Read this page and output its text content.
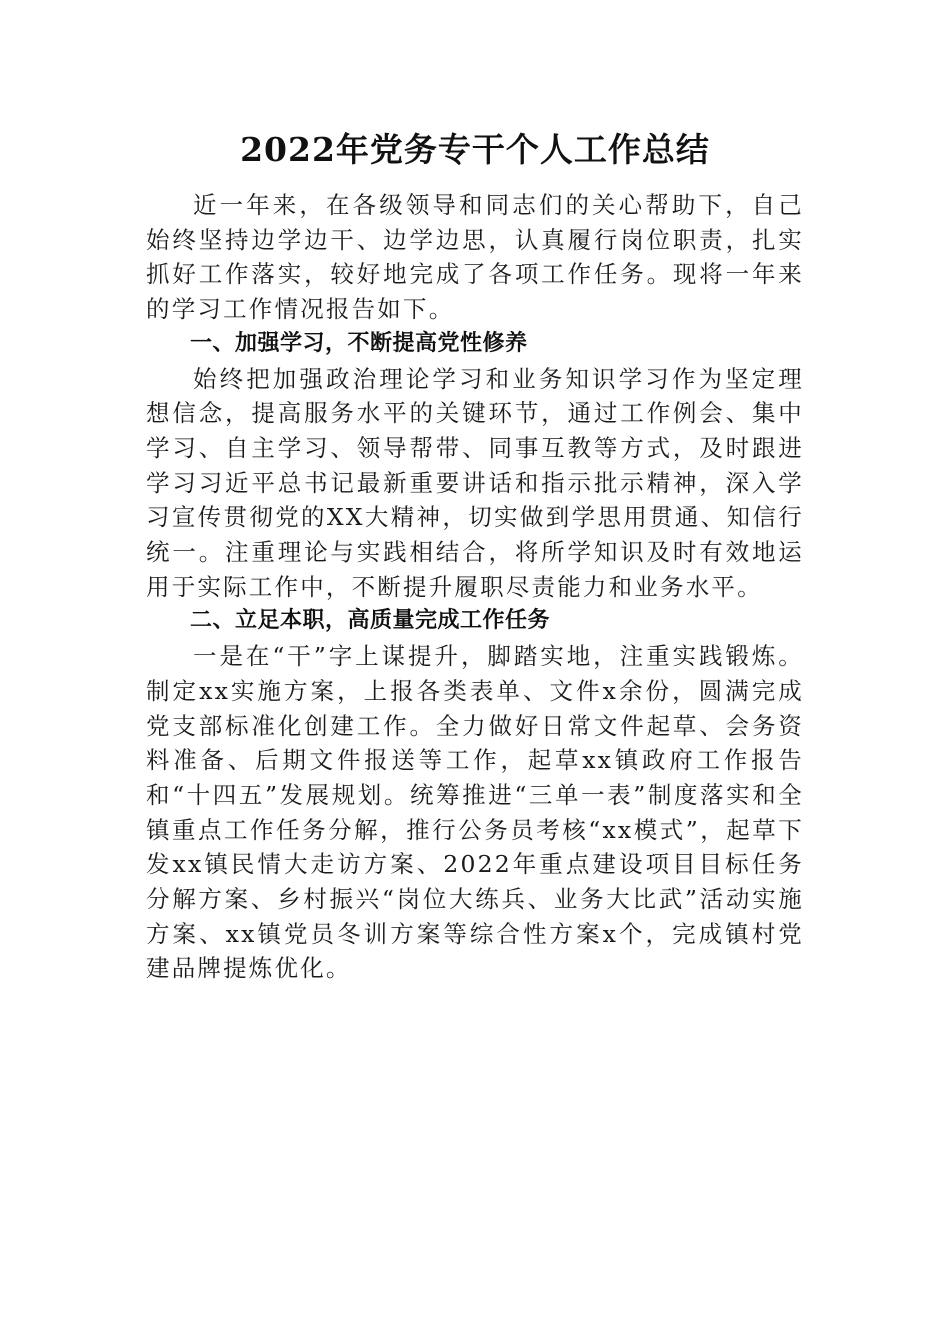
2022年党务专干个人工作总结

近一年来，在各级领导和同志们的关心帮助下，自己始终坚持边学边干、边学边思，认真履行岗位职责，扎实抓好工作落实，较好地完成了各项工作任务。现将一年来的学习工作情况报告如下。

一、加强学习，不断提高党性修养

始终把加强政治理论学习和业务知识学习作为坚定理想信念，提高服务水平的关键环节，通过工作例会、集中学习、自主学习、领导帮带、同事互教等方式，及时跟进学习习近平总书记最新重要讲话和指示批示精神，深入学习宣传贯彻党的XX大精神，切实做到学思用贯通、知信行统一。注重理论与实践相结合，将所学知识及时有效地运用于实际工作中，不断提升履职尽责能力和业务水平。

二、立足本职，高质量完成工作任务

一是在“干”字上谋提升，脚踏实地，注重实践锻炼。制定xx实施方案，上报各类表单、文件x余份，圆满完成党支部标准化创建工作。全力做好日常文件起草、会务资料准备、后期文件报送等工作，起草xx镇政府工作报告和“十四五”发展规划。统筹推进“三单一表”制度落实和全镇重点工作任务分解，推行公务员考核“xx模式”，起草下发xx镇民情大走访方案、2022年重点建设项目目标任务分解方案、乡村振兴“岗位大练兵、业务大比武”活动实施方案、xx镇党员冬训方案等综合性方案x个，完成镇村党建品牌提炼优化。
